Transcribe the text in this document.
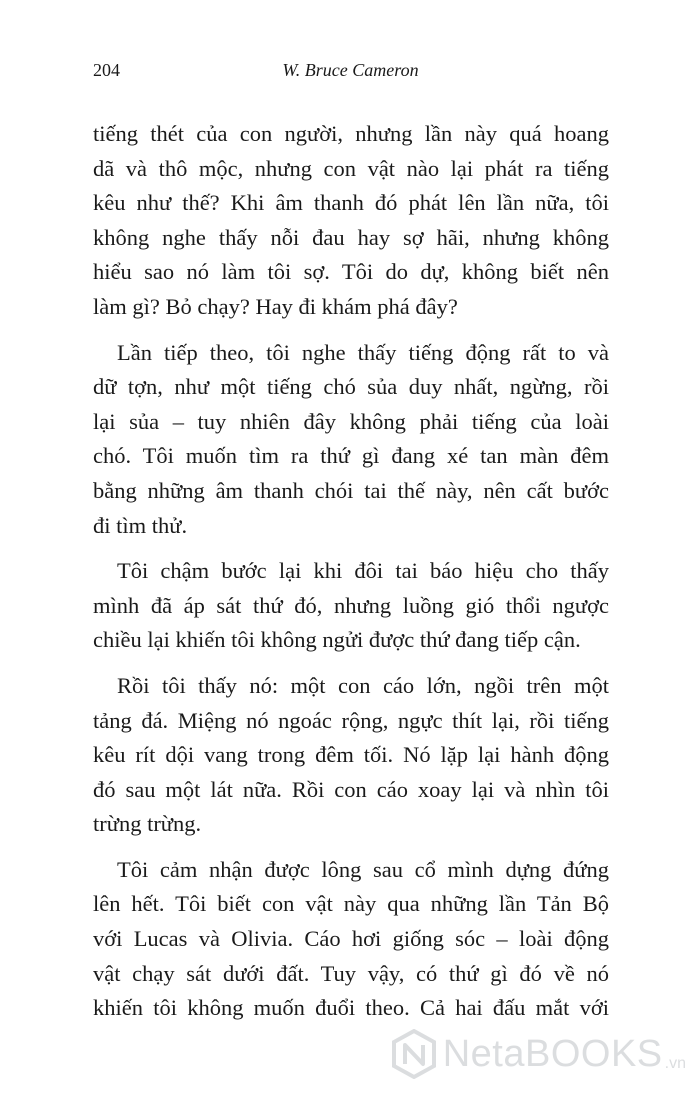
204	W. Bruce Cameron
tiếng thét của con người, nhưng lần này quá hoang
dã và thô mộc, nhưng con vật nào lại phát ra tiếng
kêu như thế? Khi âm thanh đó phát lên lần nữa, tôi
không nghe thấy nỗi đau hay sợ hãi, nhưng không
hiểu sao nó làm tôi sợ. Tôi do dự, không biết nên
làm gì? Bỏ chạy? Hay đi khám phá đây?
Lần tiếp theo, tôi nghe thấy tiếng động rất to và
dữ tợn, như một tiếng chó sủa duy nhất, ngừng, rồi
lại sủa – tuy nhiên đây không phải tiếng của loài
chó. Tôi muốn tìm ra thứ gì đang xé tan màn đêm
bằng những âm thanh chói tai thế này, nên cất bước
đi tìm thử.
Tôi chậm bước lại khi đôi tai báo hiệu cho thấy
mình đã áp sát thứ đó, nhưng luồng gió thổi ngược
chiều lại khiến tôi không ngửi được thứ đang tiếp cận.
Rồi tôi thấy nó: một con cáo lớn, ngồi trên một
tảng đá. Miệng nó ngoác rộng, ngực thít lại, rồi tiếng
kêu rít dội vang trong đêm tối. Nó lặp lại hành động
đó sau một lát nữa. Rồi con cáo xoay lại và nhìn tôi
trừng trừng.
Tôi cảm nhận được lông sau cổ mình dựng đứng
lên hết. Tôi biết con vật này qua những lần Tản Bộ
với Lucas và Olivia. Cáo hơi giống sóc – loài động
vật chạy sát dưới đất. Tuy vậy, có thứ gì đó về nó
khiến tôi không muốn đuổi theo. Cả hai đấu mắt với
NetaBOOKS .vn
